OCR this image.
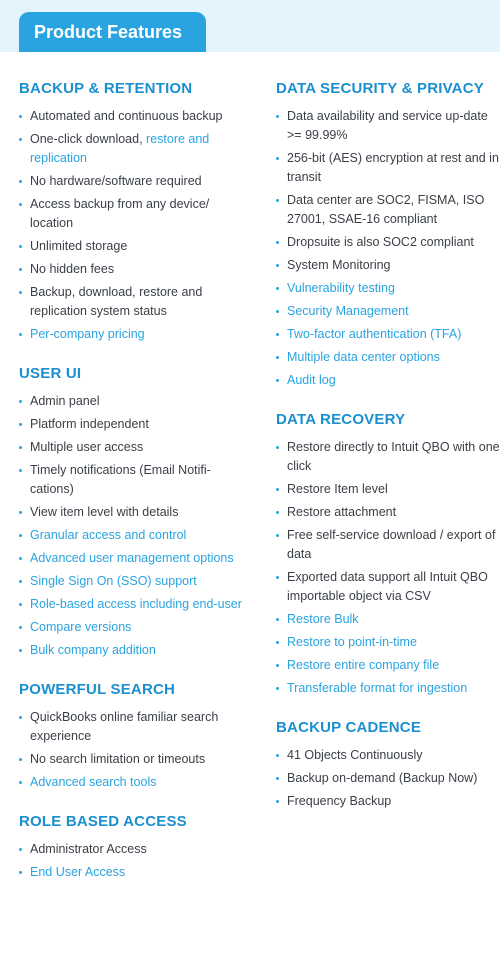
Product Features
BACKUP & RETENTION
Automated and continuous backup
One-click download, restore and replication
No hardware/software required
Access backup from any device/ location
Unlimited storage
No hidden fees
Backup, download, restore and replication system status
Per-company pricing
USER UI
Admin panel
Platform independent
Multiple user access
Timely notifications (Email Notifi-cations)
View item level with details
Granular access and control
Advanced user management options
Single Sign On (SSO) support
Role-based access including end-user
Compare versions
Bulk company addition
POWERFUL SEARCH
QuickBooks online familiar search experience
No search limitation or timeouts
Advanced search tools
ROLE BASED ACCESS
Administrator Access
End User Access
DATA SECURITY & PRIVACY
Data availability and service up-date >= 99.99%
256-bit (AES) encryption at rest and in transit
Data center are SOC2, FISMA, ISO 27001, SSAE-16 compliant
Dropsuite is also SOC2 compliant
System Monitoring
Vulnerability testing
Security Management
Two-factor authentication (TFA)
Multiple data center options
Audit log
DATA RECOVERY
Restore directly to Intuit QBO with one click
Restore Item level
Restore attachment
Free self-service download / export of data
Exported data support all Intuit QBO importable object via CSV
Restore Bulk
Restore to point-in-time
Restore entire company file
Transferable format for ingestion
BACKUP CADENCE
41 Objects Continuously
Backup on-demand (Backup Now)
Frequency Backup
